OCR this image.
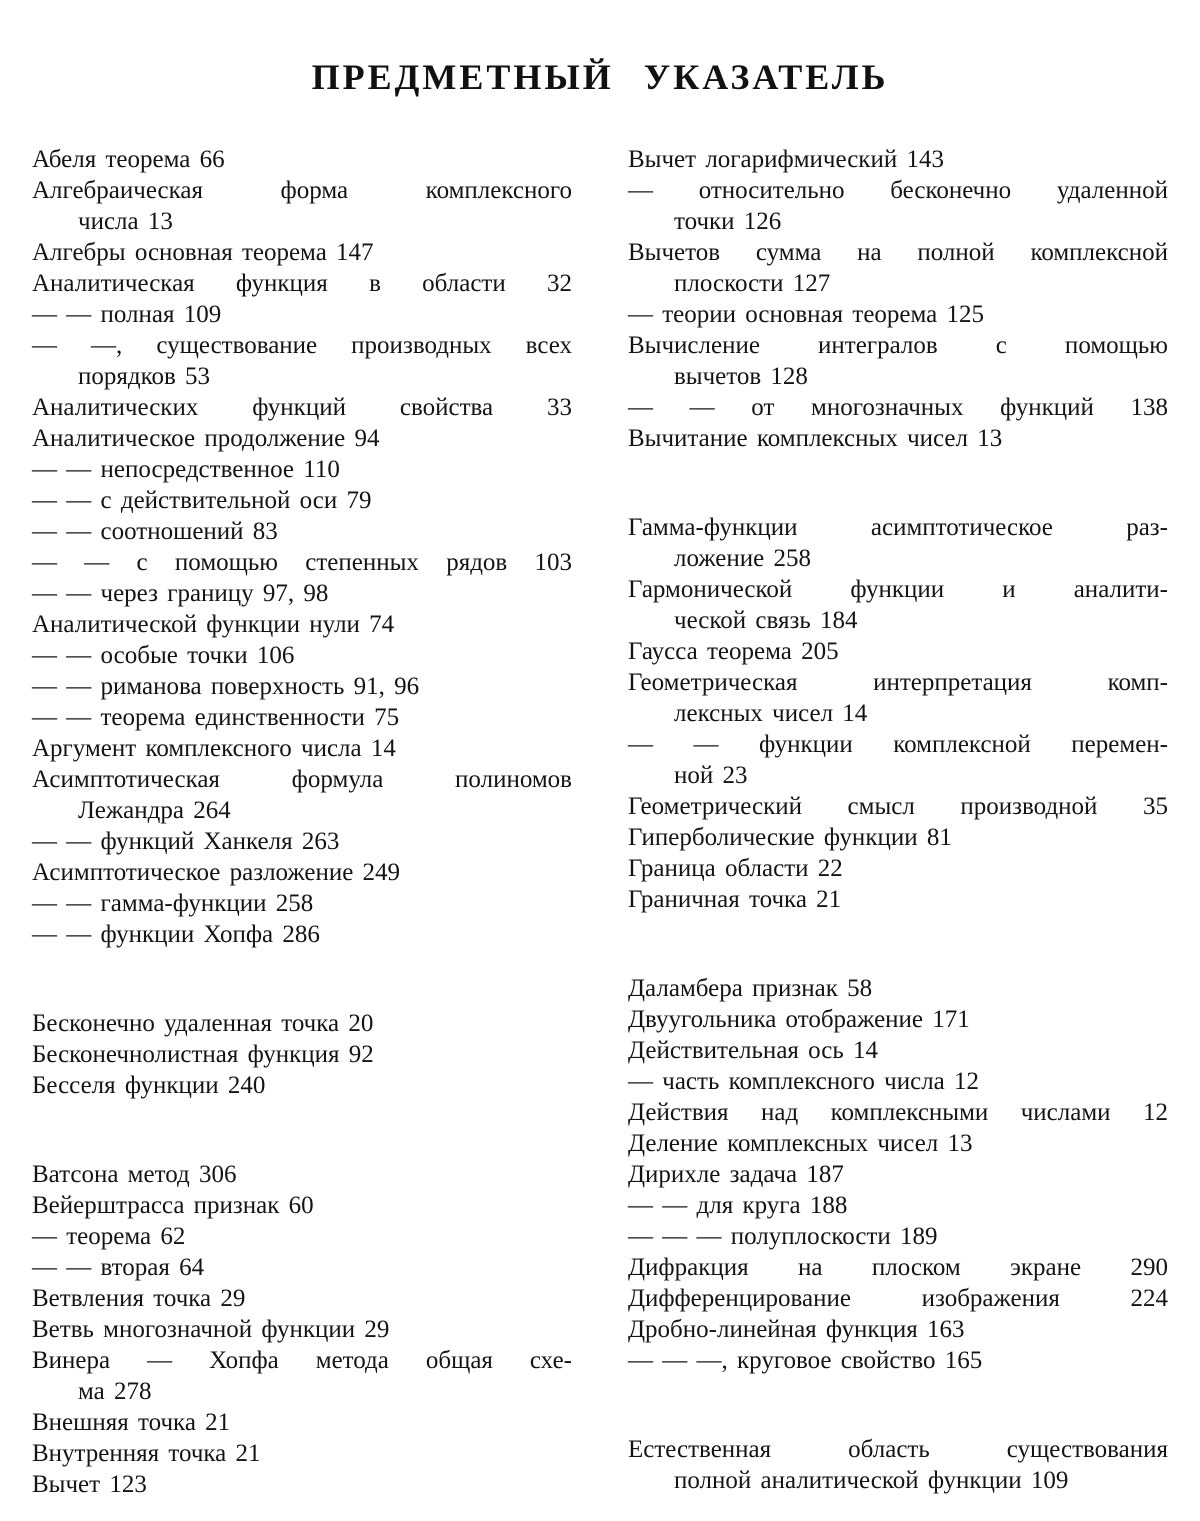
ПРЕДМЕТНЫЙ УКАЗАТЕЛЬ
Абеля теорема 66
Алгебраическая форма комплексного
числа 13
Алгебры основная теорема 147
Аналитическая функция в области 32
— — полная 109
— —, существование производных всех
порядков 53
Аналитических функций свойства 33
Аналитическое продолжение 94
— — непосредственное 110
— — с действительной оси 79
— — соотношений 83
— — с помощью степенных рядов 103
— — через границу 97, 98
Аналитической функции нули 74
— — особые точки 106
— — риманова поверхность 91, 96
— — теорема единственности 75
Аргумент комплексного числа 14
Асимптотическая формула полиномов
Лежандра 264
— — функций Ханкеля 263
Асимптотическое разложение 249
— — гамма-функции 258
— — функции Хопфа 286
Бесконечно удаленная точка 20
Бесконечнолистная функция 92
Бесселя функции 240
Ватсона метод 306
Вейерштрасса признак 60
— теорема 62
— — вторая 64
Ветвления точка 29
Ветвь многозначной функции 29
Винера — Хопфа метода общая схе-
ма 278
Внешняя точка 21
Внутренняя точка 21
Вычет 123
Вычет логарифмический 143
— относительно бесконечно удаленной
точки 126
Вычетов сумма на полной комплексной
плоскости 127
— теории основная теорема 125
Вычисление интегралов с помощью
вычетов 128
— — от многозначных функций 138
Вычитание комплексных чисел 13
Гамма-функции асимптотическое раз-
ложение 258
Гармонической функции и аналити-
ческой связь 184
Гаусса теорема 205
Геометрическая интерпретация комп-
лексных чисел 14
— — функции комплексной перемен-
ной 23
Геометрический смысл производной 35
Гиперболические функции 81
Граница области 22
Граничная точка 21
Даламбера признак 58
Двуугольника отображение 171
Действительная ось 14
— часть комплексного числа 12
Действия над комплексными числами 12
Деление комплексных чисел 13
Дирихле задача 187
— — для круга 188
— — — полуплоскости 189
Дифракция на плоском экране 290
Дифференцирование изображения 224
Дробно-линейная функция 163
— — —, круговое свойство 165
Естественная область существования
полной аналитической функции 109
